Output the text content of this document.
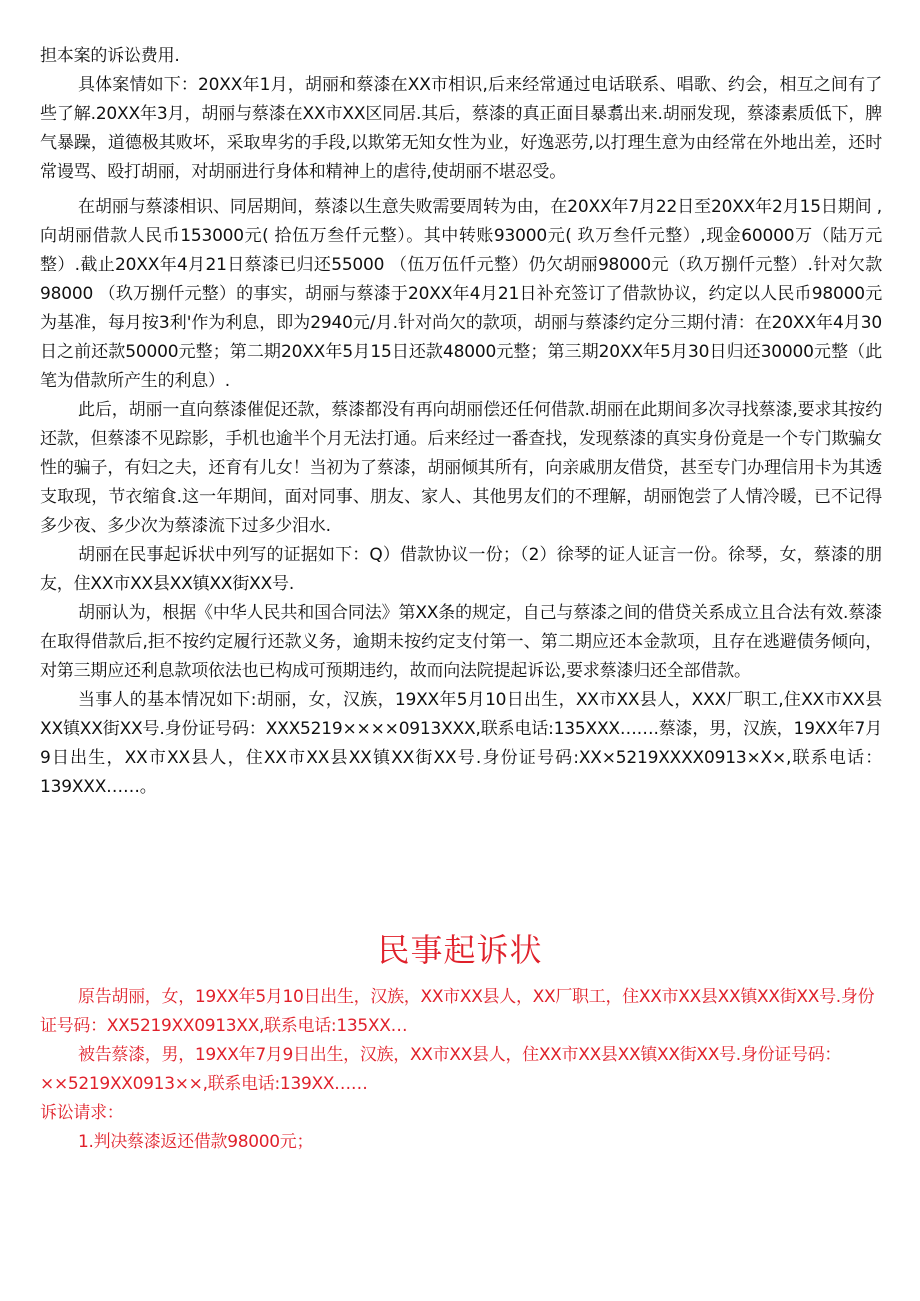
担本案的诉讼费用.

具体案情如下：20XX年1月，胡丽和蔡漆在XX市相识,后来经常通过电话联系、唱歌、约会，相互之间有了些了解.20XX年3月，胡丽与蔡漆在XX市XX区同居.其后，蔡漆的真正面目暴翥出来.胡丽发现，蔡漆素质低下，脾气暴躁，道德极其败坏，采取卑劣的手段,以欺笫无知女性为业，好逸恶劳,以打理生意为由经常在外地出差，还时常谩骂、殴打胡丽，对胡丽进行身体和精神上的虐待,使胡丽不堪忍受。

在胡丽与蔡漆相识、同居期间，蔡漆以生意失败需要周转为由，在20XX年7月22日至20XX年2月15日期间 ,向胡丽借款人民币153000元( 拾伍万叁仟元整）。其中转账93000元( 玖万叁仟元整）,现金60000万（陆万元整）.截止20XX年4月21日蔡漆已归还55000 （伍万伍仟元整）仍欠胡丽98000元（玖万捌仟元整）.针对欠款98000 （玖万捌仟元整）的事实，胡丽与蔡漆于20XX年4月21日补充签订了借款协议，约定以人民币98000元为基准，每月按3利'作为利息，即为2940元/月.针对尚欠的款项，胡丽与蔡漆约定分三期付清：在20XX年4月30日之前还款50000元整；第二期20XX年5月15日还款48000元整；第三期20XX年5月30日归还30000元整（此笔为借款所产生的利息）.

此后，胡丽一直向蔡漆催促还款，蔡漆都没有再向胡丽偿还任何借款.胡丽在此期间多次寻找蔡漆,要求其按约还款，但蔡漆不见踪影，手机也逾半个月无法打通。后来经过一番查找，发现蔡漆的真实身份竟是一个专门欺骗女性的骗子，有妇之夫，还育有儿女！当初为了蔡漆，胡丽倾其所有，向亲戚朋友借贷，甚至专门办理信用卡为其透支取现，节衣缩食.这一年期间，面对同事、朋友、家人、其他男友们的不理解，胡丽饱尝了人情冷暖，已不记得多少夜、多少次为蔡漆流下过多少泪水.

胡丽在民事起诉状中列写的证据如下：Q）借款协议一份；（2）徐琴的证人证言一份。徐琴，女，蔡漆的朋友，住XX市XX县XX镇XX街XX号.

胡丽认为，根据《中华人民共和国合同法》第XX条的规定，自己与蔡漆之间的借贷关系成立且合法有效.蔡漆在取得借款后,拒不按约定履行还款义务，逾期未按约定支付第一、第二期应还本金款项，且存在逃避债务倾向，对第三期应还利息款项依法也已构成可预期违约，故而向法院提起诉讼,要求蔡漆归还全部借款。

当事人的基本情况如下:胡丽，女，汉族，19XX年5月10日出生，XX市XX县人，XXX厂职工,住XX市XX县XX镇XX街XX号.身份证号码：XXX5219××××0913XXX,联系电话:135XXX…….蔡漆，男，汉族，19XX年7月9日出生，XX市XX县人，住XX市XX县XX镇XX街XX号.身份证号码:XX×5219XXXX0913×X×,联系电话：139XXX……。

民事起诉状

原告胡丽，女，19XX年5月10日出生，汉族，XX市XX县人，XX厂职工，住XX市XX县XX镇XX街XX号.身份证号码：XX5219XX0913XX,联系电话:135XX…

被告蔡漆，男，19XX年7月9日出生，汉族，XX市XX县人，住XX市XX县XX镇XX街XX号.身份证号码：××5219XX0913××,联系电话:139XX……

诉讼请求：

1.判决蔡漆返还借款98000元；
